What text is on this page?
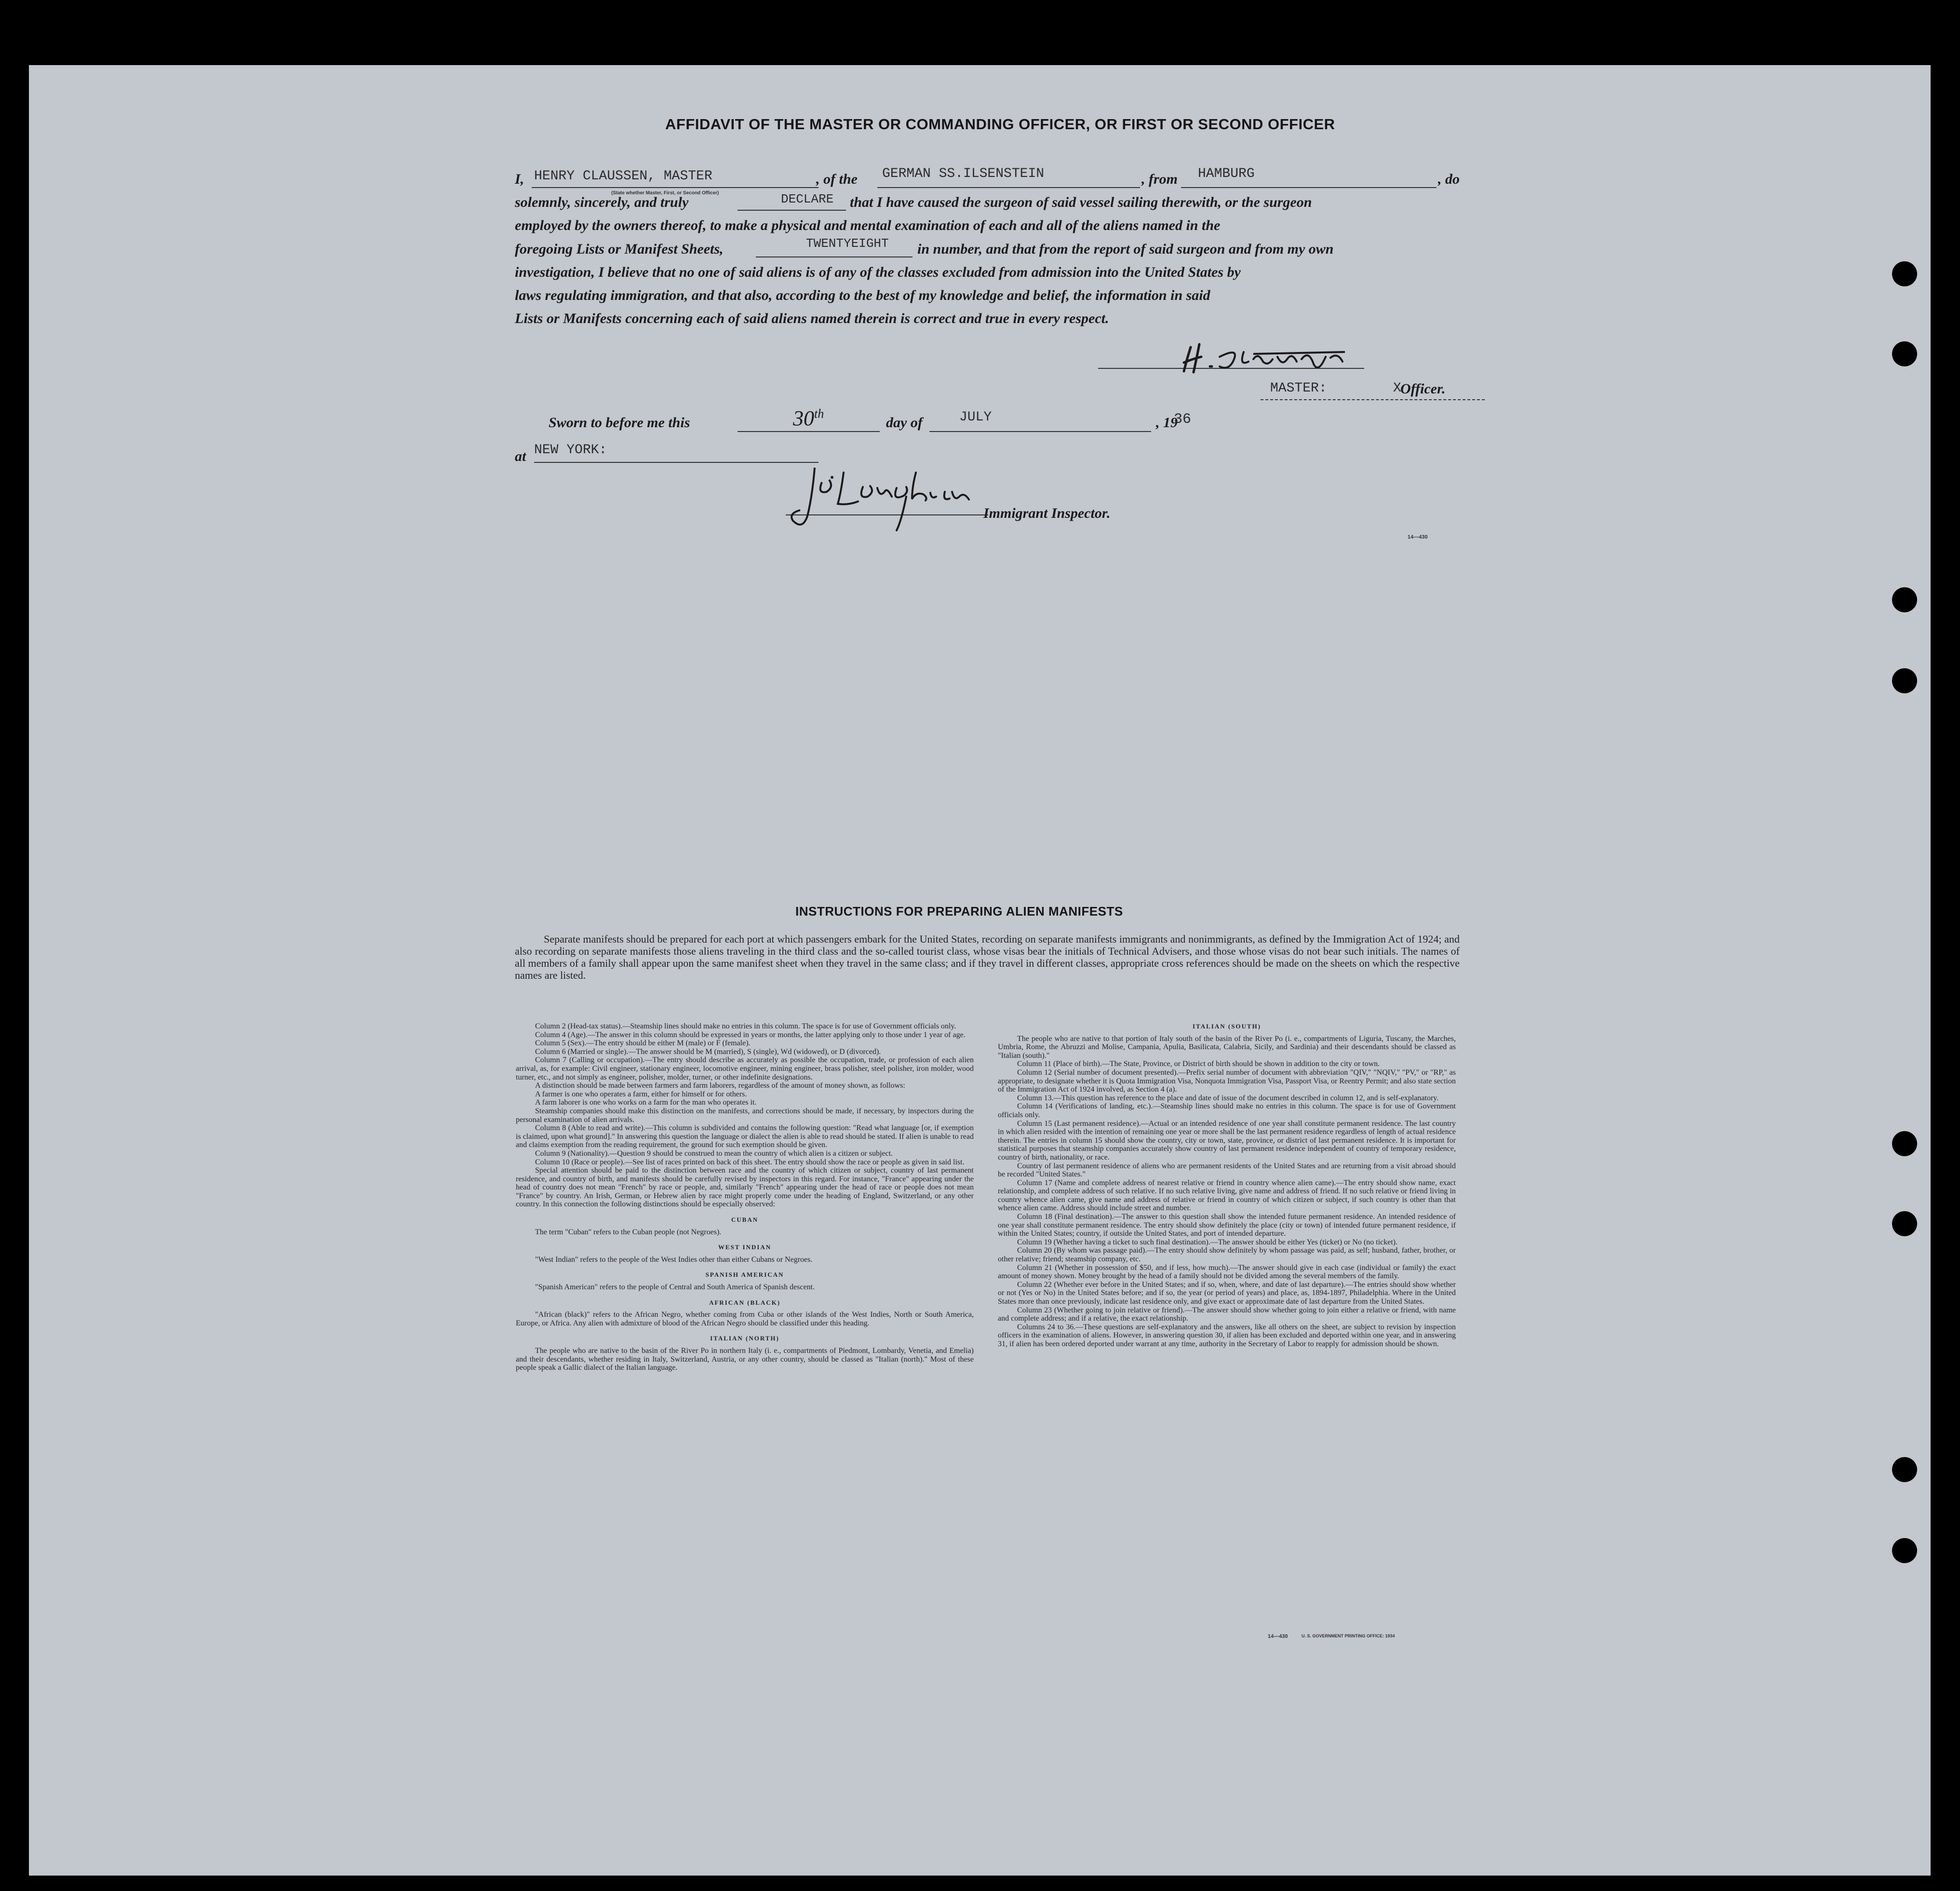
AFFIDAVIT OF THE MASTER OR COMMANDING OFFICER, OR FIRST OR SECOND OFFICER
I,	, of the	, from	, do
HENRY CLAUSSEN, MASTER	GERMAN SS.ILSENSTEIN	HAMBURG
(State whether Master, First, or Second Officer)
solemnly, sincerely, and truly	that I have caused the surgeon of said vessel sailing therewith, or the surgeon
DECLARE
employed by the owners thereof, to make a physical and mental examination of each and all of the aliens named in the
foregoing Lists or Manifest Sheets,	in number, and that from the report of said surgeon and from my own
TWENTYEIGHT
investigation, I believe that no one of said aliens is of any of the classes excluded from admission into the United States by
laws regulating immigration, and that also, according to the best of my knowledge and belief, the information in said
Lists or Manifests concerning each of said aliens named therein is correct and true in every respect.
MASTER:	X
Officer.
Sworn to before me this	day of	, 19
30th	JULY	36
at NEW YORK:
Immigrant Inspector.
14—430
INSTRUCTIONS FOR PREPARING ALIEN MANIFESTS
Separate manifests should be prepared for each port at which passengers embark for the United States, recording on separate manifests immigrants and nonimmigrants, as defined by the Immigration Act of 1924; and also recording on separate manifests those aliens traveling in the third class and the so-called tourist class, whose visas bear the initials of Technical Advisers, and those whose visas do not bear such initials. The names of all members of a family shall appear upon the same manifest sheet when they travel in the same class; and if they travel in different classes, appropriate cross references should be made on the sheets on which the respective names are listed.

Column 2 (Head-tax status).—Steamship lines should make no entries in this column. The space is for use of Government officials only.

Column 4 (Age).—The answer in this column should be expressed in years or months, the latter applying only to those under 1 year of age.

Column 5 (Sex).—The entry should be either M (male) or F (female).

Column 6 (Married or single).—The answer should be M (married), S (single), Wd (widowed), or D (divorced).

Column 7 (Calling or occupation).—The entry should describe as accurately as possible the occupation, trade, or profession of each alien arrival, as, for example: Civil engineer, stationary engineer, locomotive engineer, mining engineer, brass polisher, steel polisher, iron molder, wood turner, etc., and not simply as engineer, polisher, molder, turner, or other indefinite designations.

A distinction should be made between farmers and farm laborers, regardless of the amount of money shown, as follows:

A farmer is one who operates a farm, either for himself or for others.

A farm laborer is one who works on a farm for the man who operates it.

Steamship companies should make this distinction on the manifests, and corrections should be made, if necessary, by inspectors during the personal examination of alien arrivals.

Column 8 (Able to read and write).—This column is subdivided and contains the following question: "Read what language [or, if exemption is claimed, upon what ground]." In answering this question the language or dialect the alien is able to read should be stated. If alien is unable to read and claims exemption from the reading requirement, the ground for such exemption should be given.

Column 9 (Nationality).—Question 9 should be construed to mean the country of which alien is a citizen or subject.

Column 10 (Race or people).—See list of races printed on back of this sheet. The entry should show the race or people as given in said list.

Special attention should be paid to the distinction between race and the country of which citizen or subject, country of last permanent residence, and country of birth, and manifests should be carefully revised by inspectors in this regard. For instance, "France" appearing under the head of country does not mean "French" by race or people, and, similarly "French" appearing under the head of race or people does not mean "France" by country. An Irish, German, or Hebrew alien by race might properly come under the heading of England, Switzerland, or any other country. In this connection the following distinctions should be especially observed:

CUBAN

The term "Cuban" refers to the Cuban people (not Negroes).

WEST INDIAN

"West Indian" refers to the people of the West Indies other than either Cubans or Negroes.

SPANISH AMERICAN

"Spanish American" refers to the people of Central and South America of Spanish descent.

AFRICAN (BLACK)

"African (black)" refers to the African Negro, whether coming from Cuba or other islands of the West Indies, North or South America, Europe, or Africa. Any alien with admixture of blood of the African Negro should be classified under this heading.

ITALIAN (NORTH)

The people who are native to the basin of the River Po in northern Italy (i. e., compartments of Piedmont, Lombardy, Venetia, and Emelia) and their descendants, whether residing in Italy, Switzerland, Austria, or any other country, should be classed as "Italian (north)." Most of these people speak a Gallic dialect of the Italian language.

ITALIAN (SOUTH)

The people who are native to that portion of Italy south of the basin of the River Po (i. e., compartments of Liguria, Tuscany, the Marches, Umbria, Rome, the Abruzzi and Molise, Campania, Apulia, Basilicata, Calabria, Sicily, and Sardinia) and their descendants should be classed as "Italian (south)."

Column 11 (Place of birth).—The State, Province, or District of birth should be shown in addition to the city or town.

Column 12 (Serial number of document presented).—Prefix serial number of document with abbreviation "QIV," "NQIV," "PV," or "RP," as appropriate, to designate whether it is Quota Immigration Visa, Nonquota Immigration Visa, Passport Visa, or Reentry Permit; and also state section of the Immigration Act of 1924 involved, as Section 4 (a).

Column 13.—This question has reference to the place and date of issue of the document described in column 12, and is self-explanatory.

Column 14 (Verifications of landing, etc.).—Steamship lines should make no entries in this column. The space is for use of Government officials only.

Column 15 (Last permanent residence).—Actual or an intended residence of one year shall constitute permanent residence. The last country in which alien resided with the intention of remaining one year or more shall be the last permanent residence regardless of length of actual residence therein. The entries in column 15 should show the country, city or town, state, province, or district of last permanent residence. It is important for statistical purposes that steamship companies accurately show country of last permanent residence independent of country of temporary residence, country of birth, nationality, or race.

Country of last permanent residence of aliens who are permanent residents of the United States and are returning from a visit abroad should be recorded "United States."

Column 17 (Name and complete address of nearest relative or friend in country whence alien came).—The entry should show name, exact relationship, and complete address of such relative. If no such relative living, give name and address of friend. If no such relative or friend living in country whence alien came, give name and address of relative or friend in country of which citizen or subject, if such country is other than that whence alien came. Address should include street and number.

Column 18 (Final destination).—The answer to this question shall show the intended future permanent residence. An intended residence of one year shall constitute permanent residence. The entry should show definitely the place (city or town) of intended future permanent residence, if within the United States; country, if outside the United States, and port of intended departure.

Column 19 (Whether having a ticket to such final destination).—The answer should be either Yes (ticket) or No (no ticket).

Column 20 (By whom was passage paid).—The entry should show definitely by whom passage was paid, as self; husband, father, brother, or other relative; friend; steamship company, etc.

Column 21 (Whether in possession of $50, and if less, how much).—The answer should give in each case (individual or family) the exact amount of money shown. Money brought by the head of a family should not be divided among the several members of the family.

Column 22 (Whether ever before in the United States; and if so, when, where, and date of last departure).—The entries should show whether or not (Yes or No) in the United States before; and if so, the year (or period of years) and place, as, 1894-1897, Philadelphia. Where in the United States more than once previously, indicate last residence only, and give exact or approximate date of last departure from the United States.

Column 23 (Whether going to join relative or friend).—The answer should show whether going to join either a relative or friend, with name and complete address; and if a relative, the exact relationship.

Columns 24 to 36.—These questions are self-explanatory and the answers, like all others on the sheet, are subject to revision by inspection officers in the examination of aliens. However, in answering question 30, if alien has been excluded and deported within one year, and in answering 31, if alien has been ordered deported under warrant at any time, authority in the Secretary of Labor to reapply for admission should be shown.

14—430	U. S. GOVERNMENT PRINTING OFFICE: 1934
